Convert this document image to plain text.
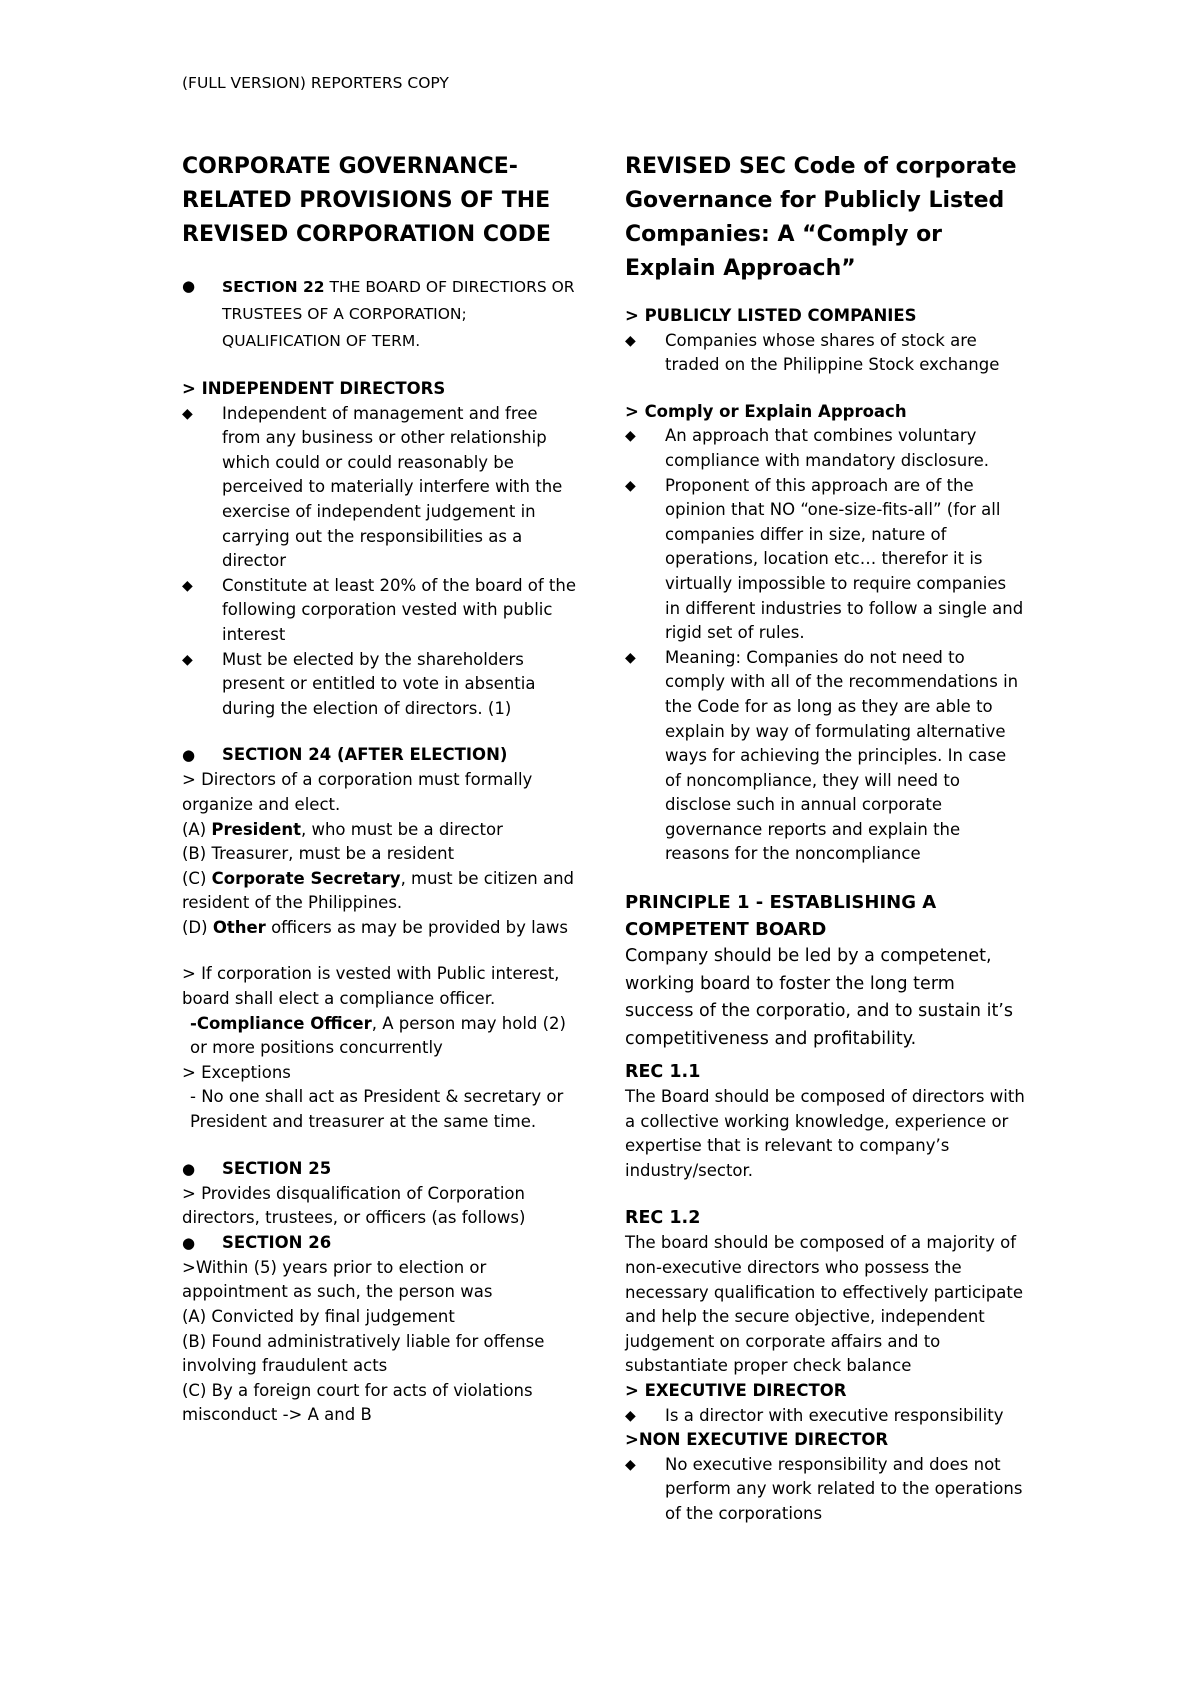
(FULL VERSION) REPORTERS COPY
CORPORATE GOVERNANCE-RELATED PROVISIONS OF THE REVISED CORPORATION CODE
●	SECTION 22 THE BOARD OF DIRECTIORS OR TRUSTEES OF A CORPORATION; QUALIFICATION OF TERM.
> INDEPENDENT DIRECTORS
◆	Independent of management and free from any business or other relationship which could or could reasonably be perceived to materially interfere with the exercise of independent judgement in carrying out the responsibilities as a director
◆	Constitute at least 20% of the board of the following corporation vested with public interest
◆	Must be elected by the shareholders present or entitled to vote in absentia during the election of directors. (1)
●	SECTION 24 (AFTER ELECTION)
> Directors of a corporation must formally organize and elect.
(A) President, who must be a director
(B) Treasurer, must be a resident
(C) Corporate Secretary, must be citizen and resident of the Philippines.
(D) Other officers as may be provided by laws
> If corporation is vested with Public interest, board shall elect a compliance officer.
-Compliance Officer, A person may hold (2) or more positions concurrently
> Exceptions
- No one shall act as President & secretary or President and treasurer at the same time.
●	SECTION 25
> Provides disqualification of Corporation directors, trustees, or officers (as follows)
●	SECTION 26
>Within (5) years prior to election or appointment as such, the person was
(A) Convicted by final judgement
(B) Found administratively liable for offense involving fraudulent acts
(C) By a foreign court for acts of violations misconduct -> A and B
REVISED SEC Code of corporate Governance for Publicly Listed Companies: A “Comply or Explain Approach”
> PUBLICLY LISTED COMPANIES
◆	Companies whose shares of stock are traded on the Philippine Stock exchange
> Comply or Explain Approach
◆	An approach that combines voluntary compliance with mandatory disclosure.
◆	Proponent of this approach are of the opinion that NO “one-size-fits-all” (for all companies differ in size, nature of operations, location etc… therefor it is virtually impossible to require companies in different industries to follow a single and rigid set of rules.
◆	Meaning: Companies do not need to comply with all of the recommendations in the Code for as long as they are able to explain by way of formulating alternative ways for achieving the principles. In case of noncompliance, they will need to disclose such in annual corporate governance reports and explain the reasons for the noncompliance
PRINCIPLE 1 - ESTABLISHING A COMPETENT BOARD
Company should be led by a competenet, working board to foster the long term success of the corporatio, and to sustain it’s competitiveness and profitability.
REC 1.1
The Board should be composed of directors with a collective working knowledge, experience or expertise that is relevant to company’s industry/sector.
REC 1.2
The board should be composed of a majority of non-executive directors who possess the necessary qualification to effectively participate and help the secure objective, independent judgement on corporate affairs and to substantiate proper check balance
> EXECUTIVE DIRECTOR
◆	Is a director with executive responsibility
>NON EXECUTIVE DIRECTOR
◆	No executive responsibility and does not perform any work related to the operations of the corporations
